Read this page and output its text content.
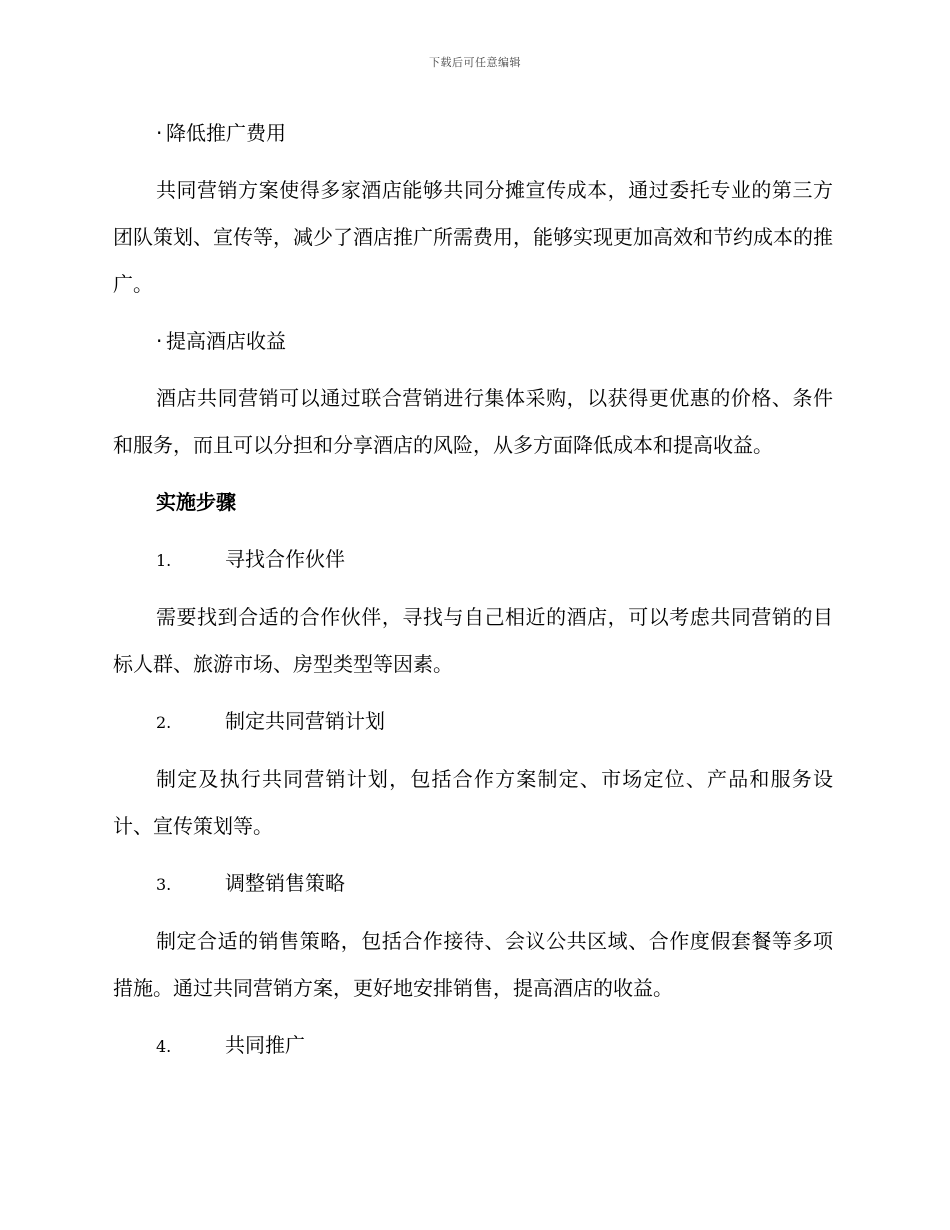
下载后可任意编辑
· 降低推广费用

共同营销方案使得多家酒店能够共同分摊宣传成本，通过委托专业的第三方团队策划、宣传等，减少了酒店推广所需费用，能够实现更加高效和节约成本的推广。

· 提高酒店收益

酒店共同营销可以通过联合营销进行集体采购，以获得更优惠的价格、条件和服务，而且可以分担和分享酒店的风险，从多方面降低成本和提高收益。

实施步骤
1.	寻找合作伙伴

需要找到合适的合作伙伴，寻找与自己相近的酒店，可以考虑共同营销的目标人群、旅游市场、房型类型等因素。

2.	制定共同营销计划

制定及执行共同营销计划，包括合作方案制定、市场定位、产品和服务设计、宣传策划等。

3.	调整销售策略

制定合适的销售策略，包括合作接待、会议公共区域、合作度假套餐等多项措施。通过共同营销方案，更好地安排销售，提高酒店的收益。

4.	共同推广
